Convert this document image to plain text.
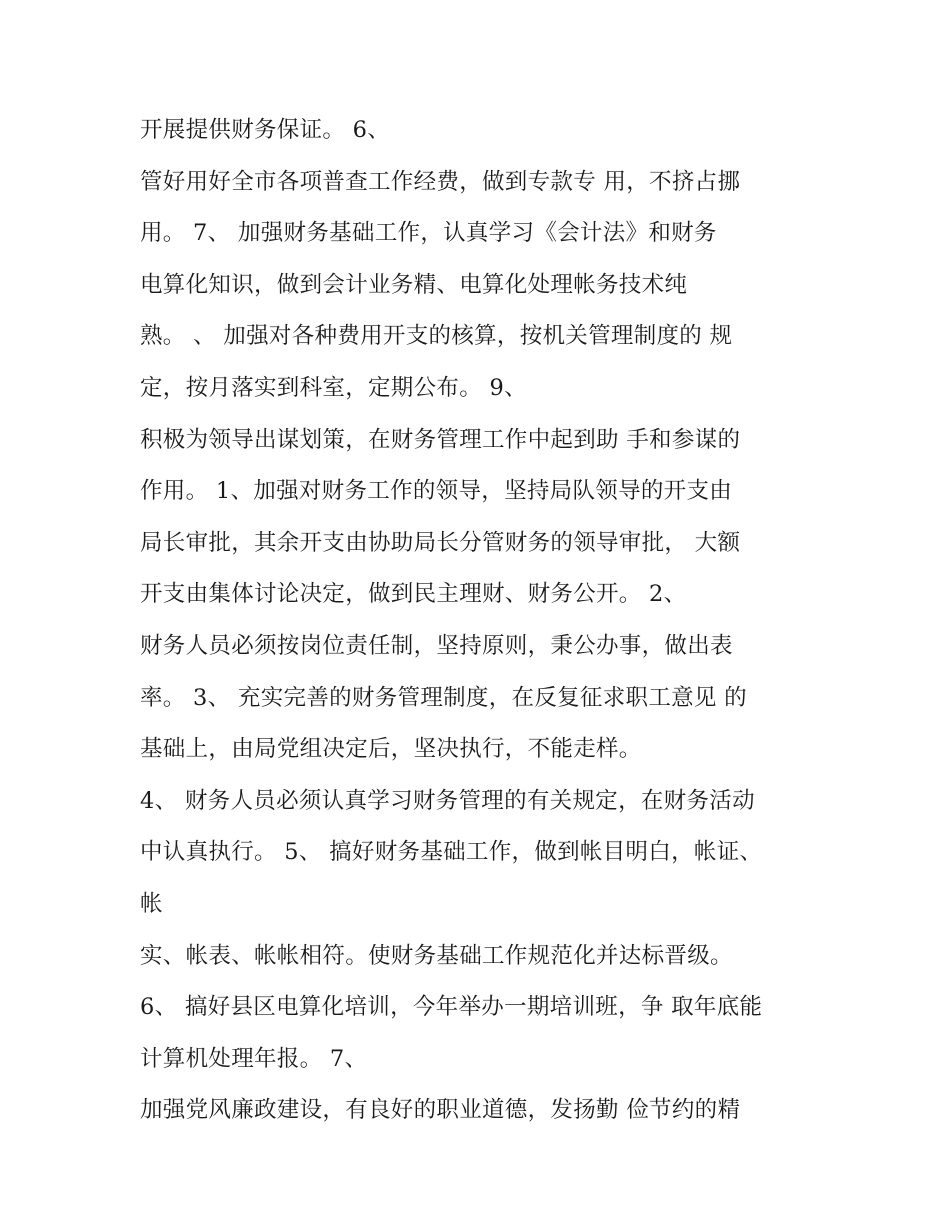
开展提供财务保证。 6、
管好用好全市各项普查工作经费，做到专款专 用，不挤占挪
用。 7、 加强财务基础工作，认真学习《会计法》和财务
电算化知识，做到会计业务精、电算化处理帐务技术纯
熟。 、 加强对各种费用开支的核算，按机关管理制度的 规
定，按月落实到科室，定期公布。 9、
积极为领导出谋划策，在财务管理工作中起到助 手和参谋的
作用。 1、加强对财务工作的领导，坚持局队领导的开支由
局长审批，其余开支由协助局长分管财务的领导审批， 大额
开支由集体讨论决定，做到民主理财、财务公开。 2、
财务人员必须按岗位责任制，坚持原则，秉公办事，做出表
率。 3、 充实完善的财务管理制度，在反复征求职工意见 的
基础上，由局党组决定后，坚决执行，不能走样。
4、 财务人员必须认真学习财务管理的有关规定，在财务活动
中认真执行。 5、 搞好财务基础工作，做到帐目明白，帐证、
帐
实、帐表、帐帐相符。使财务基础工作规范化并达标晋级。
6、 搞好县区电算化培训，今年举办一期培训班，争 取年底能
计算机处理年报。 7、
加强党风廉政建设，有良好的职业道德，发扬勤 俭节约的精
